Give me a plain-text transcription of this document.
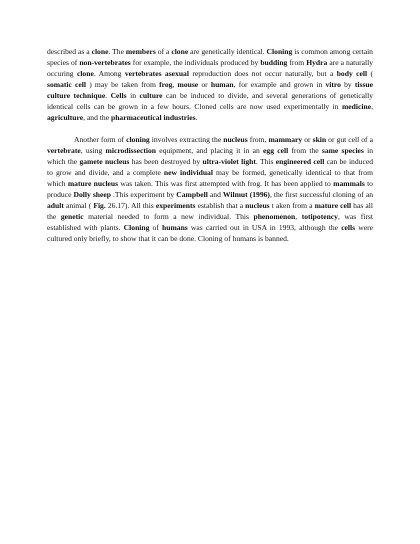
described as a clone. The members of a clone are genetically identical. Cloning is common among certain species of non-vertebrates for example, the individuals produced by budding from Hydra are a naturally occuring clone. Among vertebrates asexual reproduction does not occur naturally, but a body cell ( somatic cell ) may be taken from frog, mouse or human, for example and grown in vitro by tissue culture technique. Cells in culture can be induced to divide, and several generations of genetically identical cells can be grown in a few hours. Cloned cells are now used experimentally in medicine, agriculture, and the pharmaceutical industries.

Another form of cloning involves extracting the nucleus from, mammary or skin or gut cell of a vertebrate, using microdissection equipment, and placing it in an egg cell from the same species in which the gamete nucleus has been destroyed by ultra-violet light. This engineered cell can be induced to grow and divide, and a complete new individual may be formed, genetically identical to that from which mature nucleus was taken. This was first attempted with frog. It has been applied to mammals to produce Dolly sheep .This experiment by Campbell and Wilmut (1996), the first successful cloning of an adult animal ( Fig. 26.17). All this experiments establish that a nucleus t aken from a mature cell has all the genetic material needed to form a new individual. This phenomenon, totipotency, was first established with plants. Cloning of humans was carried out in USA in 1993, although the cells were cultured only briefly, to show that it can be done. Cloning of humans is banned.
